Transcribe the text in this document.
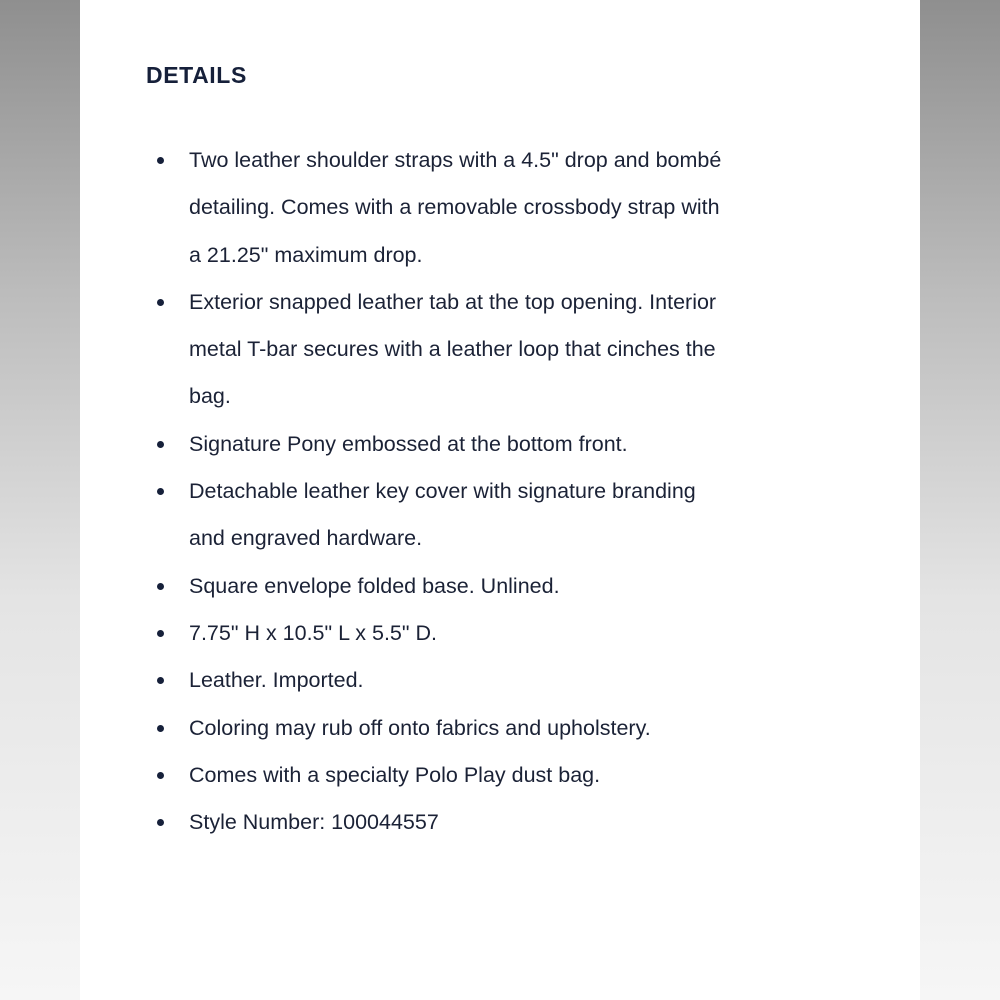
DETAILS
Two leather shoulder straps with a 4.5" drop and bombé
detailing. Comes with a removable crossbody strap with
a 21.25" maximum drop.
Exterior snapped leather tab at the top opening. Interior
metal T-bar secures with a leather loop that cinches the
bag.
Signature Pony embossed at the bottom front.
Detachable leather key cover with signature branding
and engraved hardware.
Square envelope folded base. Unlined.
7.75" H x 10.5" L x 5.5" D.
Leather. Imported.
Coloring may rub off onto fabrics and upholstery.
Comes with a specialty Polo Play dust bag.
Style Number: 100044557
